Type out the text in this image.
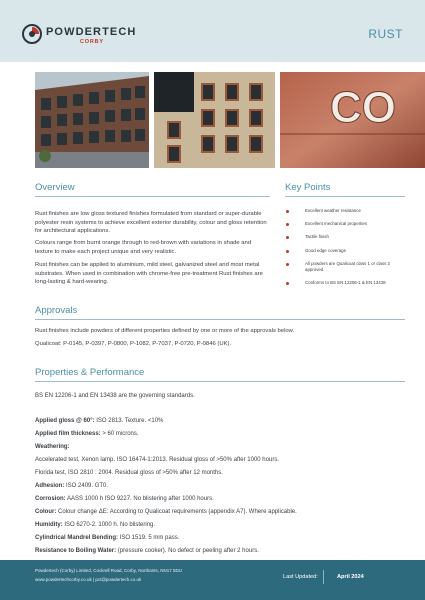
POWDERTECH
CORBY
RUST
CO
Overview
Rust finishes are low gloss textured finishes formulated from standard or super-durable polyester resin systems to achieve excellent exterior durability, colour and gloss retention for architectural applications.
Colours range from burnt orange through to red-brown with variations in shade and texture to make each project unique and very realistic.
Rust finishes can be applied to aluminium, mild steel, galvanized steel and most metal substrates. When used in combination with chrome-free pre-treatment Rust finishes are long-lasting & hard-wearing.
Key Points
Excellent weather resistance
Excellent mechanical properties
Tactile finish
Good edge coverage
All powders are Qualicoat class 1 or class 2 approved
Conforms to BS EN 12206-1 & EN 13438
Approvals
Rust finishes include powders of different properties defined by one or more of the approvals below.
Qualicoat: P-0145, P-0397, P-0800, P-1082, P-7037, P-0720, P-0846 (UK).
Properties & Performance
BS EN 12206-1 and EN 13438 are the governing standards.
Applied gloss @ 60°: ISO 2813. Texture. <10%
Applied film thickness: > 60 microns.
Weathering:
Accelerated test, Xenon lamp. ISO 16474-1:2013. Residual gloss of >50% after 1000 hours.
Florida test, ISO 2810 : 2004. Residual gloss of >50% after 12 months.
Adhesion: ISO 2409. GT0.
Corrosion: AASS 1000 h ISO 9227. No blistering after 1000 hours.
Colour: Colour change ΔE: According to Qualicoat requirements (appendix A7). Where applicable.
Humidity: ISO 6270-2. 1000 h. No blistering.
Cylindrical Mandrel Bending: ISO 1519. 5 mm pass.
Resistance to Boiling Water: (pressure cooker). No defect or peeling after 2 hours.
Powdertech (Corby) Limited, Cockrell Road, Corby, Northants, NN17 5DU
www.powdertechcorby.co.uk | pct@powdertech.co.uk	Last Updated:	April 2024
